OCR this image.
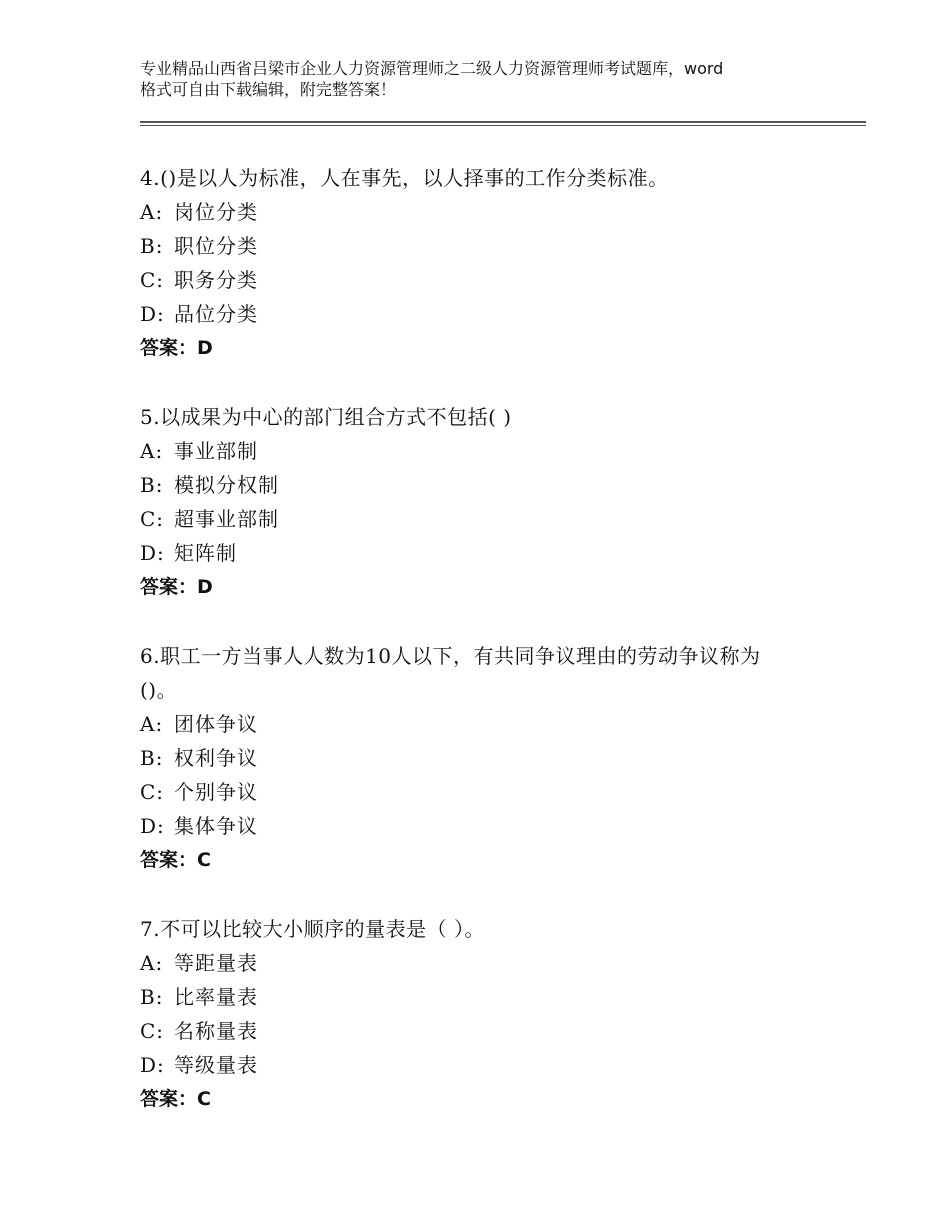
专业精品山西省吕梁市企业人力资源管理师之二级人力资源管理师考试题库，word
格式可自由下载编辑，附完整答案！
4.()是以人为标准，人在事先，以人择事的工作分类标准。
A: 岗位分类
B: 职位分类
C: 职务分类
D: 品位分类
答案：D
5.以成果为中心的部门组合方式不包括( )
A: 事业部制
B: 模拟分权制
C: 超事业部制
D: 矩阵制
答案：D
6.职工一方当事人人数为10人以下，有共同争议理由的劳动争议称为
()。
A: 团体争议
B: 权利争议
C: 个别争议
D: 集体争议
答案：C
7.不可以比较大小顺序的量表是（ ）。
A: 等距量表
B: 比率量表
C: 名称量表
D: 等级量表
答案：C
